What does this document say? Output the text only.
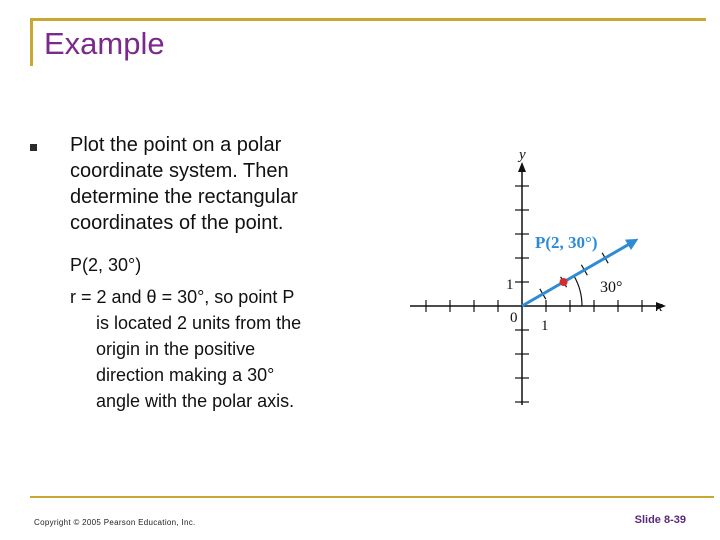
Example
Plot the point on a polar
coordinate system. Then
determine the rectangular
coordinates of the point.
P(2, 30°)
r = 2 and θ = 30°, so point P
is located 2 units from the
origin in the positive
direction making a 30°
angle with the polar axis.
y
x
0 1
1	30°
P(2, 30°)
Copyright © 2005 Pearson Education, Inc.	Slide 8-39
